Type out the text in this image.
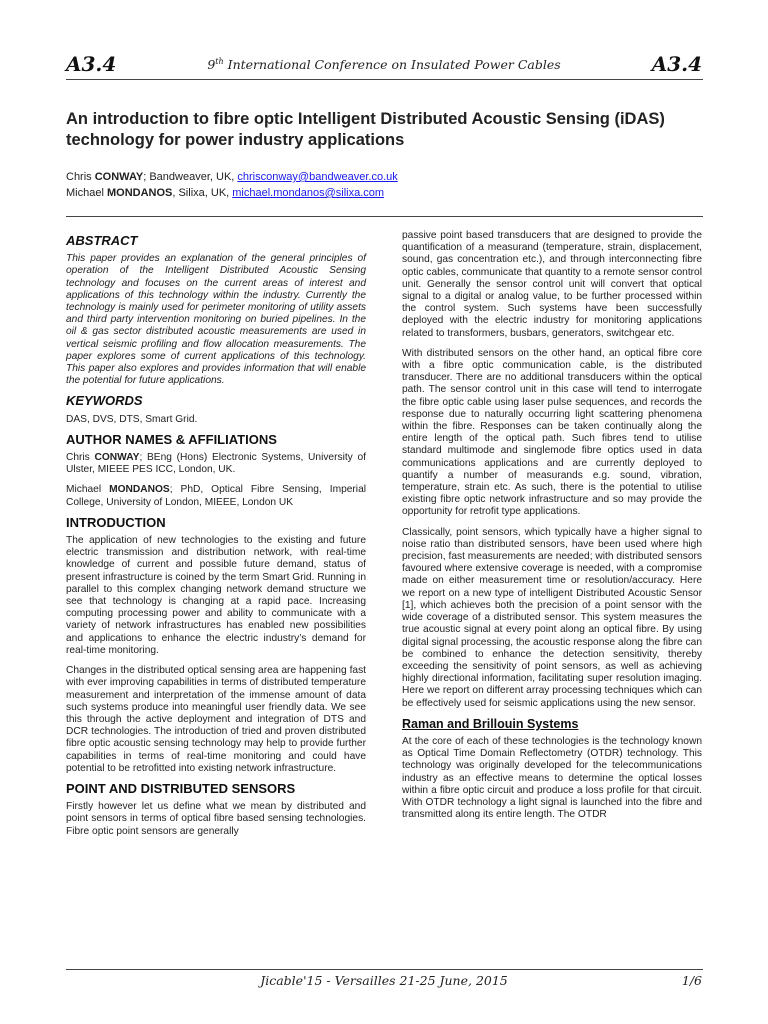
A3.4	9th International Conference on Insulated Power Cables	A3.4
An introduction to fibre optic Intelligent Distributed Acoustic Sensing (iDAS) technology for power industry applications
Chris CONWAY; Bandweaver, UK, chrisconway@bandweaver.co.uk
Michael MONDANOS, Silixa, UK, michael.mondanos@silixa.com
ABSTRACT

This paper provides an explanation of the general principles of operation of the Intelligent Distributed Acoustic Sensing technology and focuses on the current areas of interest and applications of this technology within the industry. Currently the technology is mainly used for perimeter monitoring of utility assets and third party intervention monitoring on buried pipelines. In the oil & gas sector distributed acoustic measurements are used in vertical seismic profiling and flow allocation measurements. The paper explores some of current applications of this technology. This paper also explores and provides information that will enable the potential for future applications.

KEYWORDS

DAS, DVS, DTS, Smart Grid.

AUTHOR NAMES & AFFILIATIONS

Chris CONWAY; BEng (Hons) Electronic Systems, University of Ulster, MIEEE PES ICC, London, UK.

Michael MONDANOS; PhD, Optical Fibre Sensing, Imperial College, University of London, MIEEE, London UK

INTRODUCTION

The application of new technologies to the existing and future electric transmission and distribution network, with real-time knowledge of current and possible future demand, status of present infrastructure is coined by the term Smart Grid. Running in parallel to this complex changing network demand structure we see that technology is changing at a rapid pace. Increasing computing processing power and ability to communicate with a variety of network infrastructures has enabled new possibilities and applications to enhance the electric industry’s demand for real-time monitoring.

Changes in the distributed optical sensing area are happening fast with ever improving capabilities in terms of distributed temperature measurement and interpretation of the immense amount of data such systems produce into meaningful user friendly data. We see this through the active deployment and integration of DTS and DCR technologies. The introduction of tried and proven distributed fibre optic acoustic sensing technology may help to provide further capabilities in terms of real-time monitoring and could have potential to be retrofitted into existing network infrastructure.

POINT AND DISTRIBUTED SENSORS

Firstly however let us define what we mean by distributed and point sensors in terms of optical fibre based sensing technologies. Fibre optic point sensors are generally

passive point based transducers that are designed to provide the quantification of a measurand (temperature, strain, displacement, sound, gas concentration etc.), and through interconnecting fibre optic cables, communicate that quantity to a remote sensor control unit. Generally the sensor control unit will convert that optical signal to a digital or analog value, to be further processed within the control system. Such systems have been successfully deployed with the electric industry for monitoring applications related to transformers, busbars, generators, switchgear etc.

With distributed sensors on the other hand, an optical fibre core with a fibre optic communication cable, is the distributed transducer. There are no additional transducers within the optical path. The sensor control unit in this case will tend to interrogate the fibre optic cable using laser pulse sequences, and records the response due to naturally occurring light scattering phenomena within the fibre. Responses can be taken continually along the entire length of the optical path. Such fibres tend to utilise standard multimode and singlemode fibre optics used in data communications applications and are currently deployed to quantify a number of measurands e.g. sound, vibration, temperature, strain etc. As such, there is the potential to utilise existing fibre optic network infrastructure and so may provide the opportunity for retrofit type applications.

Classically, point sensors, which typically have a higher signal to noise ratio than distributed sensors, have been used where high precision, fast measurements are needed; with distributed sensors favoured where extensive coverage is needed, with a compromise made on either measurement time or resolution/accuracy. Here we report on a new type of intelligent Distributed Acoustic Sensor [1], which achieves both the precision of a point sensor with the wide coverage of a distributed sensor. This system measures the true acoustic signal at every point along an optical fibre. By using digital signal processing, the acoustic response along the fibre can be combined to enhance the detection sensitivity, thereby exceeding the sensitivity of point sensors, as well as achieving highly directional information, facilitating super resolution imaging. Here we report on different array processing techniques which can be effectively used for seismic applications using the new sensor.

Raman and Brillouin Systems

At the core of each of these technologies is the technology known as Optical Time Domain Reflectometry (OTDR) technology. This technology was originally developed for the telecommunications industry as an effective means to determine the optical losses within a fibre optic circuit and produce a loss profile for that circuit. With OTDR technology a light signal is launched into the fibre and transmitted along its entire length. The OTDR

Jicable'15 - Versailles 21-25 June, 2015	1/6
